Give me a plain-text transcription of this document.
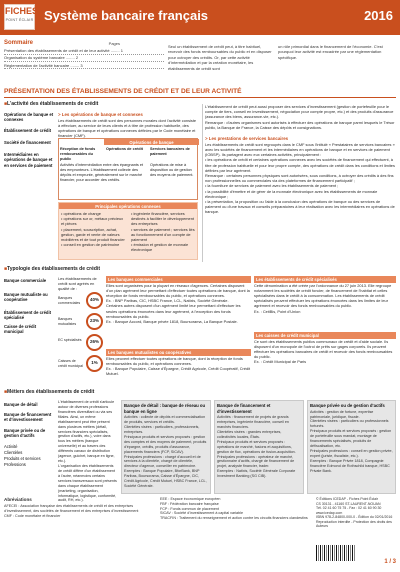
FICHES
POINT ÉCLAIR Système bancaire français	2016
Sommaire	Pages
Présentation des établissements de crédit et de leur activité ........ 1
Organisation du système bancaire ........ 2
Réglementation de l'activité bancaire ........ 3
Seul un établissement de crédit peut, à titre habituel, recevoir des fonds remboursables du public et en disposer pour octroyer des crédits. Or, par cette activité d'intermédiation et par la création monétaire, les établissements de crédit sont
un rôle primordial dans le financement de l'économie. C'est pourquoi leur activité est encadrée par une réglementation spécifique.
PRÉSENTATION DES ÉTABLISSEMENTS DE CRÉDIT ET DE LEUR ACTIVITÉ
■ L'activité des établissements de crédit
Opérations de banque et connexes
Établissement de crédit
Société de financement
Intermédiaires en opérations de banque et en services de paiement
> Les opérations de banque et connexes
Les établissements de crédit sont des personnes morales dont l'activité consiste à effectuer, au service de leurs clients et à titre de profession habituelle, des opérations de banque et opérations connexes définies par le Code monétaire et financier (CMF).
Opérations de banque
Réception de fonds remboursables du public
Opérations de crédit	Services bancaires de paiement
Activités d'intermédiation entre des épargnants et des emprunteurs. L'établissement collecte des dépôts et emprunte, généralement sur le marché financier, pour accorder des crédits.
Opérations de mise à disposition ou de gestion des moyens de paiement.
Principales opérations connexes
• opérations de change
• opérations sur or, métaux précieux et pièces
• placement, souscription, achat, gestion, garde et vente de valeurs mobilières et de tout produit financier
• conseil en gestion de patrimoine
• ingénierie financière, services destinés à faciliter le développement des entreprises
• services de paiement ; services liés au fonctionnement d'un compte de paiement
• émission et gestion de monnaie électronique
L'établissement de crédit peut aussi proposer des services d'investissement (gestion de portefeuille pour le compte de tiers, conseil en investissement, négociation pour compte propre, etc.) et des produits d'assurance (assurance des biens, assurance-vie, etc.).
Remarque : d'autres organismes sont autorisés à effectuer des opérations de banque parmi lesquels le Trésor public, la Banque de France, la Caisse des dépôts et consignations.
> Les prestations de services bancaires
Les établissements de crédit sont regroupés dans le CMF sous l'intitulé « Prestataires de services bancaires » avec les sociétés de financement et les intermédiaires en opérations de banque et en services de paiement (IOBSP). Ils partagent avec eux certaines activités, principalement :
• les opérations de crédit et certaines opérations connexes avec les sociétés de financement qui effectuent, à titre de profession habituelle et pour leur propre compte, des opérations de crédit dans les conditions et limites définies par leur agrément.
Remarque : certaines personnes physiques sont autorisées, sous conditions, à octroyer des crédits à des fins non professionnelles ou commerciales via des plateformes de financement participatif ;
• la fourniture de services de paiement avec les établissements de paiement ;
• la possibilité d'émettre et de gérer de la monnaie électronique avec les établissements de monnaie électronique ;
• la présentation, la proposition ou l'aide à la conclusion des opérations de banque ou des services de paiement ou d'une travaux et conseils préparatoires à leur réalisation avec les intermédiaires en opérations de banque.
■ Typologie des établissements de crédit
Banque commerciale
Banque mutualiste ou coopérative
Établissement de crédit spécialisé
Caisse de crédit municipal
Les établissements de crédit sont agréés en qualité de :
Banques commerciales
40%
Banques mutualistes
23%
EC spécialisés	26%
Caisses de crédit municipal
1%
Les banques commerciales
Elles sont organisées pour la plupart en réseaux d'agences. Certaines disposent d'un plan agrément leur permettant d'effectuer toutes opérations de banque, dont la réception de fonds remboursables du public, et opérations connexes.
Ex. : BNP Paribas, CIC, HSBC France, LCL, Natixis, Société Générale.
Certaines autres disposent d'un agrément limité leur permettant d'effectuer les seules opérations énoncées dans leur agrément, à l'exception des fonds remboursables du public.
Ex. : Banque Accord, Banque privée 1818, Boursorama, La Banque Postale.
Les banques mutualistes ou coopératives
Elles peuvent effectuer toutes opérations de banque, dont la réception de fonds remboursables du public, et opérations connexes.
Ex. : Banque Populaire, Caisse d'Épargne, Crédit Agricole, Crédit Coopératif, Crédit Mutuel.
Les établissements de crédit spécialisés
Cette dénomination a été créée par l'ordonnance du 27 juin 2013. Elle regroupe notamment les sociétés de crédit foncier, de financement de l'habitat et celles spécialisées dans le crédit à la consommation. Les établissements de crédit spécialisés peuvent effectuer les opérations énoncées dans les limites de leur agrément et recevoir des fonds remboursables du public.
Ex. : CetiBis, Point d'Union
Les caisses de crédit municipal
Ce sont des établissements publics communaux de crédit et d'aide sociale. Ils disposent d'un monopole de l'octroi de prêts sur gages corporels. Ils peuvent effectuer les opérations bancaires de crédit et recevoir des fonds remboursables du public.
Ex. : Crédit Municipal de Paris
■ Métiers des établissements de crédit
Banque de détail
Banque de financement et d'investissement
Banque privée ou de gestion d'actifs
Activité
Clientèles
Produits et services
Professions
L'établissement de crédit s'articule autour de diverses professions financières diversifiant ou via ses filiales. Ainsi, un même établissement peut être présent dans plusieurs métiers (détail, services financiers spécialisés, gestion d'actifs, etc.), voire dans tous les métiers (banque universelle) et au travers des différents canaux de distribution (agence, guichet, banque en ligne, etc.).
L'organisation des établissements de crédit diffère d'un établissement à l'autre, néanmoins certains services transversaux sont présents dans chaque établissement (marketing, organisation, informatique, logistique, conformité, audit, RH, etc.).
Banque de détail : banque de réseau ou banque en ligne
Activités : collecte de dépôts et commercialisation de produits, services et crédits.
Clientèles visées : particuliers, professionnels, entreprises.
Principaux produits et services proposés : gestion des comptes et des moyens de paiement, produits d'épargne, crédits, produits d'assurance, placements financiers (FCP, SICAV).
Principales professions : chargé d'accueil et de services à la clientèle, chargé de clientèle, directeur d'agence, conseiller en patrimoine.
Exemples : Banque Populaire, BforBank, BNP Paribas, Boursorama, Caisse d'Épargne, CIC, Crédit Agricole, Crédit Mutuel, HSBC France, LCL, Société Générale.
Banque de financement et d'investissement
Activités : financement de projets de grands entreprises, ingénierie financière, conseil en marchés financiers.
Clientèles visées : grandes entreprises, collectivités locales, États.
Principaux produits et services proposés : opérations de marché, fusions et acquisitions, gestion de flux, opérations de fusion-acquisition.
Principales professions : opérateur de marché, gestionnaire d'actifs, chargé de financement de projet, analyste financier, trader.
Exemples : Natixis, Société Générale Corporate Investment Banking (SG CIB).
Banque privée ou de gestion d'actifs
Activités : gestion de fortune, expertise patrimoniale, juridique, fiscale.
Clientèles visées : particuliers ou professionnels fortunés.
Principaux produits et services proposés : gestion de portefeuille sous mandat, montage de financements spécialisés, produits de défiscalisation, etc.
Principales professions : conseil en gestion privée, expert (juriste, fiscaliste, etc.).
Exemples : Banque Privée 1818, Compagnie financière Edmond de Rothschild banque, HSBC Private Bank.
Abréviations
AFECEI : Association française des établissements de crédit et des entreprises d'investissement, des sociétés de financement et des entreprises d'investissement
CMF : Code monétaire et financier
EEE : Espace économique européen
FBF : Fédération bancaire française
FCP : Fonds commun de placement
SICAV : Société d'investissement à capital variable
TRACFIN : Traitement du renseignement et action contre les circuits financiers clandestins
© Éditions ICEDAP - Fiches Point Éclair
CS 30131 - 41160 ST-LAURENT-NOUAN
Tél. 02 41 60 75 75 - Fax : 02 41 60 90 30
www.icedap.com
ISBN 978-2-84800-000-0 - Édition du 02/01/2016
Reproduction interdite - Protection des droits des Auteurs
1 / 3
